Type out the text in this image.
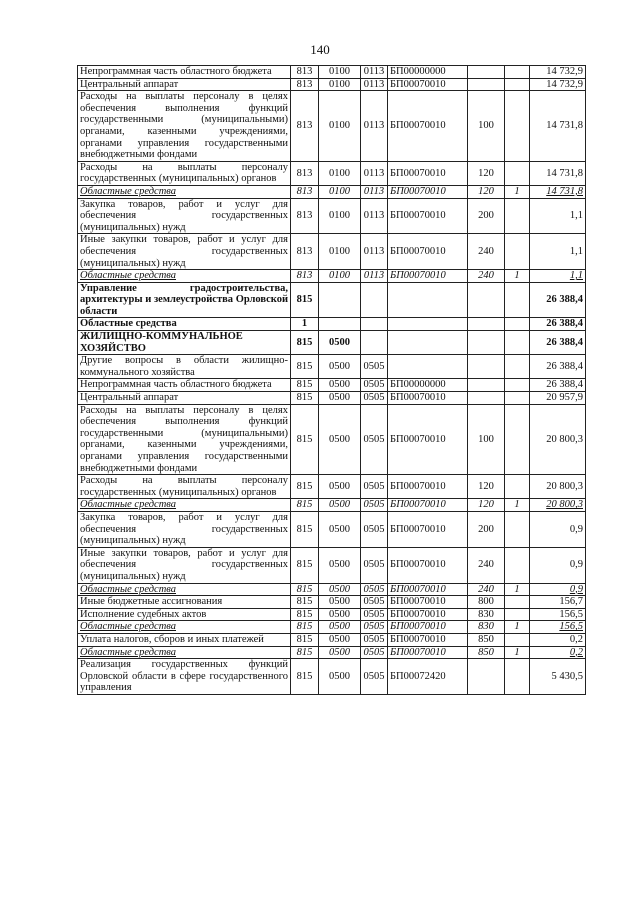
140
Непрограммная часть областного бюджета	813	0100	0113	БП00000000			14 732,9
Центральный аппарат	813	0100	0113	БП00070010			14 732,9
Расходы на выплаты персоналу в целях обеспечения выполнения функций государственными (муниципальными) органами, казенными учреждениями, органами управления государственными внебюджетными фондами	813	0100	0113	БП00070010	100		14 731,8
Расходы на выплаты персоналу государственных (муниципальных) органов	813	0100	0113	БП00070010	120		14 731,8
Областные средства	813	0100	0113	БП00070010	120	1	14 731,8
Закупка товаров, работ и услуг для обеспечения государственных (муниципальных) нужд	813	0100	0113	БП00070010	200		1,1
Иные закупки товаров, работ и услуг для обеспечения государственных (муниципальных) нужд	813	0100	0113	БП00070010	240		1,1
Областные средства	813	0100	0113	БП00070010	240	1	1,1
Управление градостроительства, архитектуры и землеустройства Орловской области	815						26 388,4
Областные средства	1						26 388,4
ЖИЛИЩНО-КОММУНАЛЬНОЕ ХОЗЯЙСТВО	815	0500					26 388,4
Другие вопросы в области жилищно-коммунального хозяйства	815	0500	0505				26 388,4
Непрограммная часть областного бюджета	815	0500	0505	БП00000000			26 388,4
Центральный аппарат	815	0500	0505	БП00070010			20 957,9
Расходы на выплаты персоналу в целях обеспечения выполнения функций государственными (муниципальными) органами, казенными учреждениями, органами управления государственными внебюджетными фондами	815	0500	0505	БП00070010	100		20 800,3
Расходы на выплаты персоналу государственных (муниципальных) органов	815	0500	0505	БП00070010	120		20 800,3
Областные средства	815	0500	0505	БП00070010	120	1	20 800,3
Закупка товаров, работ и услуг для обеспечения государственных (муниципальных) нужд	815	0500	0505	БП00070010	200		0,9
Иные закупки товаров, работ и услуг для обеспечения государственных (муниципальных) нужд	815	0500	0505	БП00070010	240		0,9
Областные средства	815	0500	0505	БП00070010	240	1	0,9
Иные бюджетные ассигнования	815	0500	0505	БП00070010	800		156,7
Исполнение судебных актов	815	0500	0505	БП00070010	830		156,5
Областные средства	815	0500	0505	БП00070010	830	1	156,5
Уплата налогов, сборов и иных платежей	815	0500	0505	БП00070010	850		0,2
Областные средства	815	0500	0505	БП00070010	850	1	0,2
Реализация государственных функций Орловской области в сфере государственного управления	815	0500	0505	БП00072420			5 430,5
